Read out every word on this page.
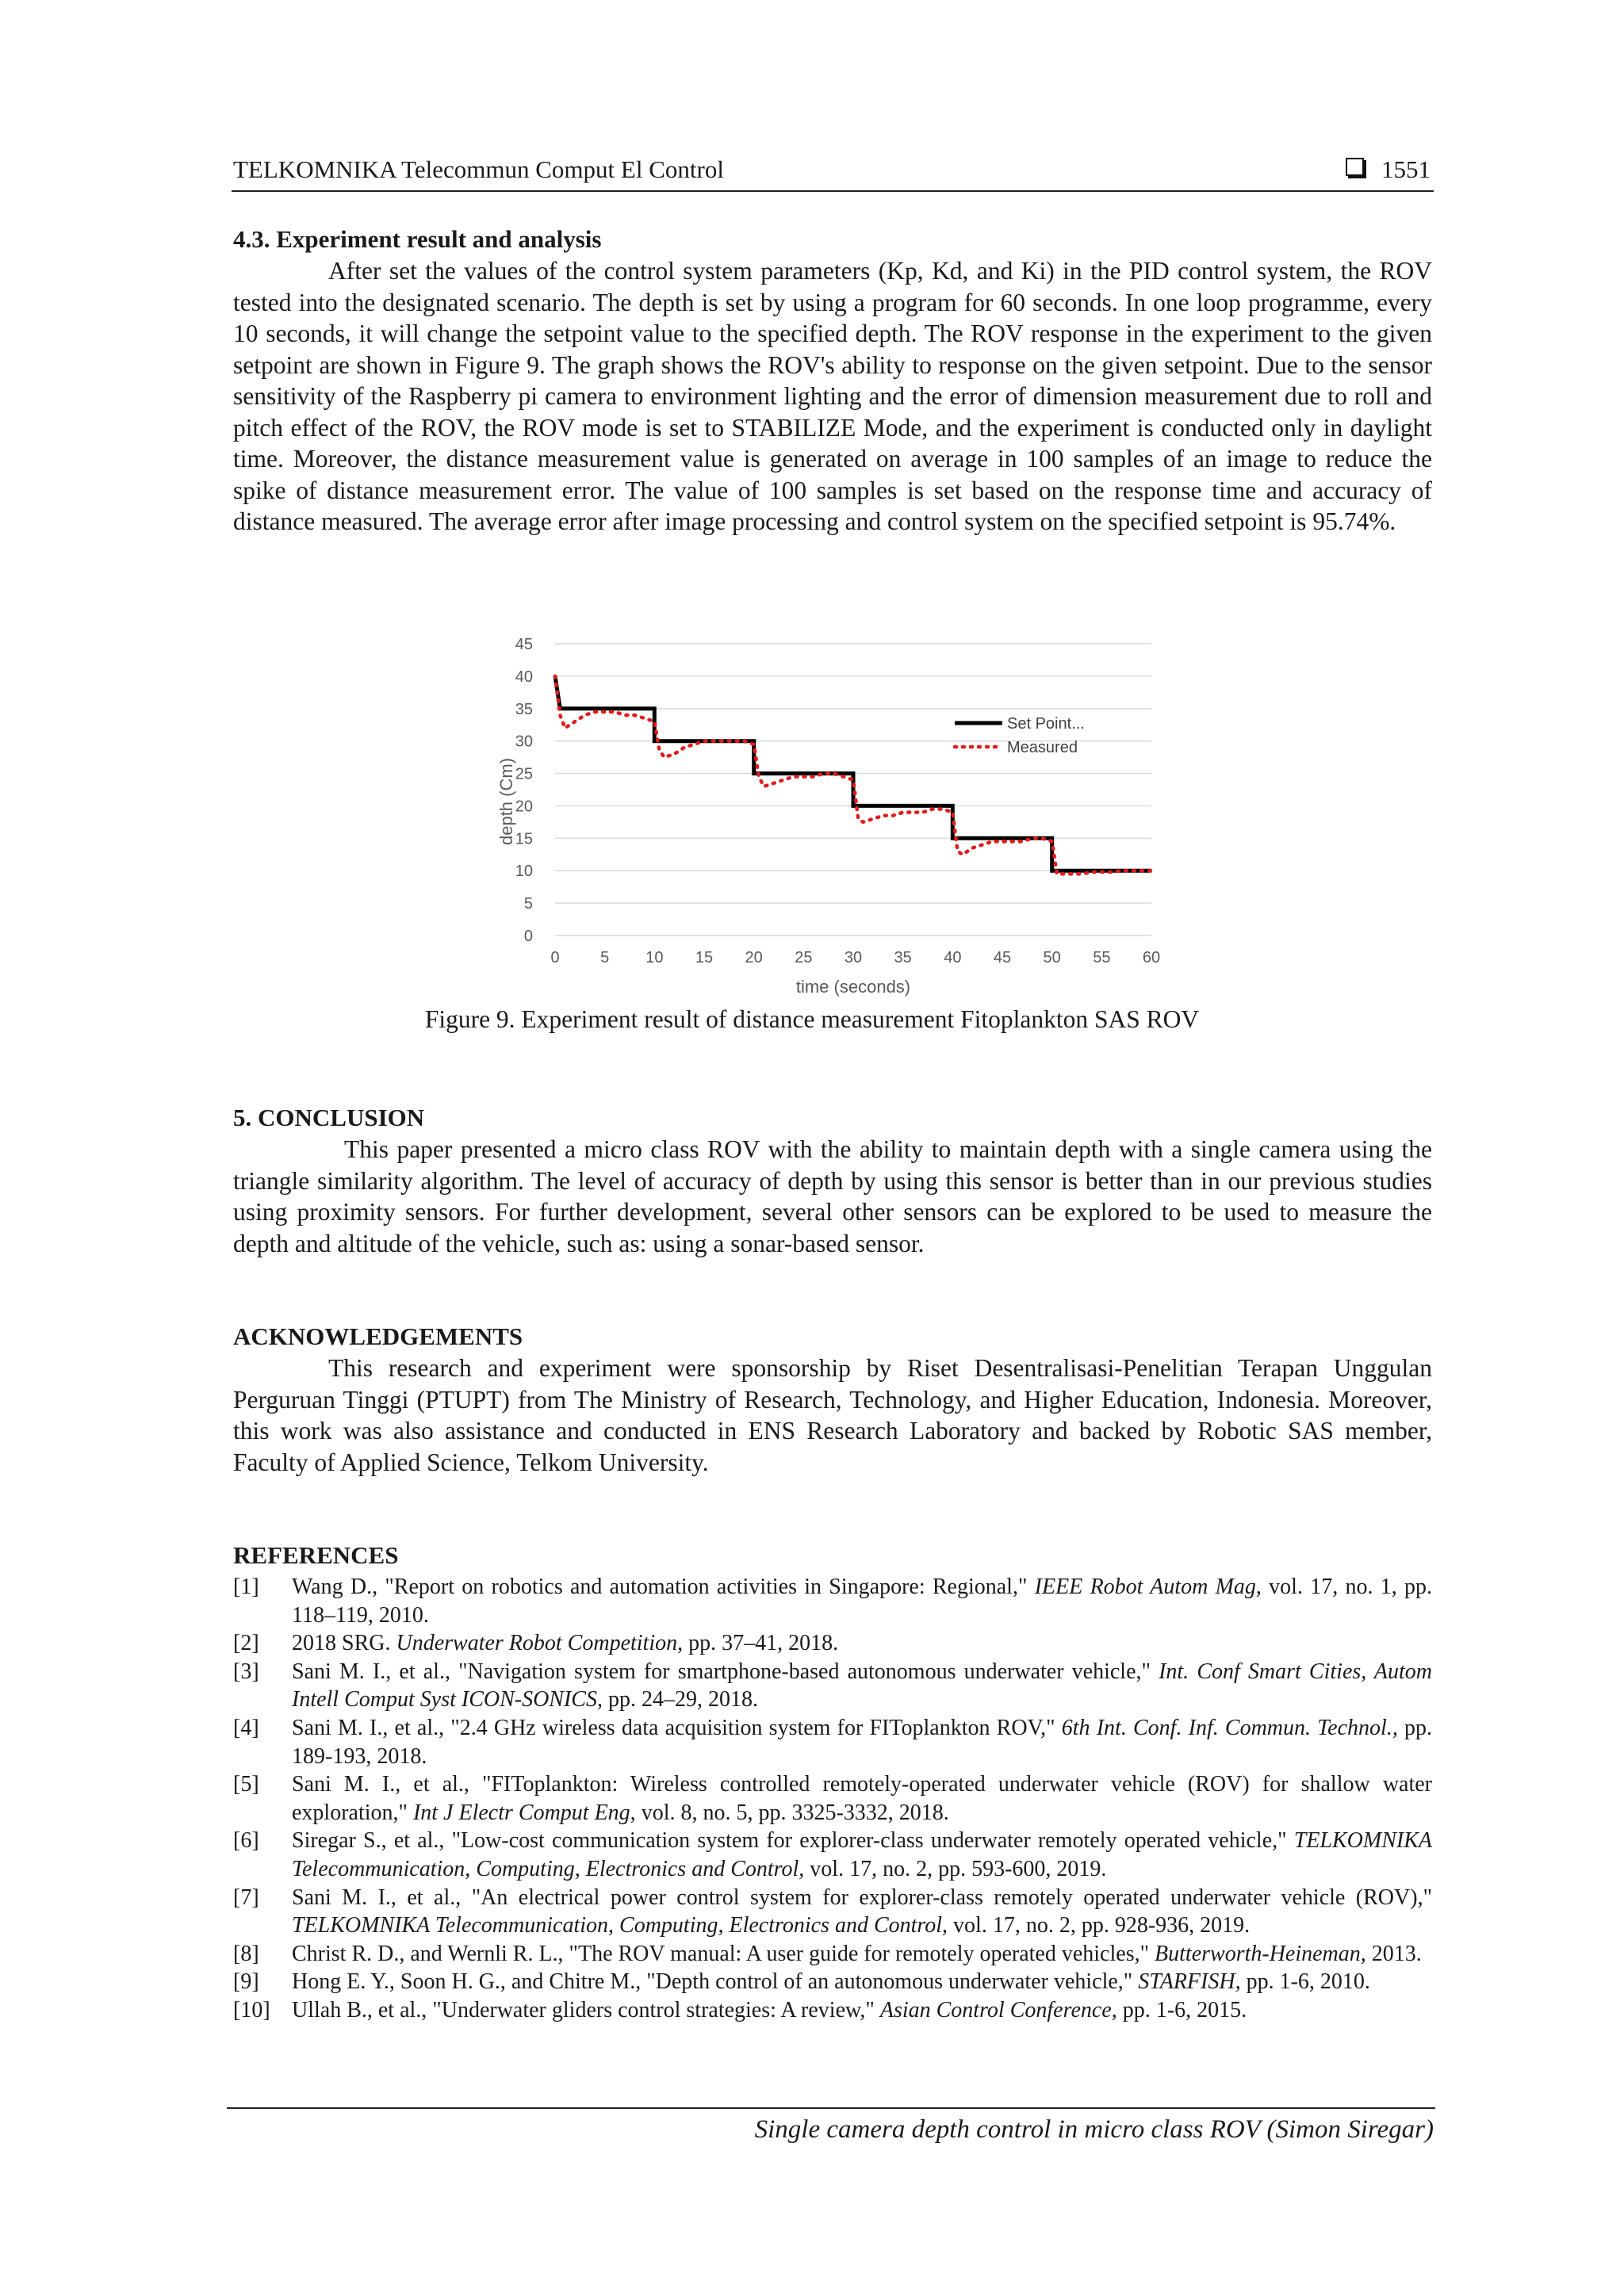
TELKOMNIKA Telecommun Comput El Control	1551
4.3. Experiment result and analysis

After set the values of the control system parameters (Kp, Kd, and Ki) in the PID control system, the ROV tested into the designated scenario. The depth is set by using a program for 60 seconds. In one loop programme, every 10 seconds, it will change the setpoint value to the specified depth. The ROV response in the experiment to the given setpoint are shown in Figure 9. The graph shows the ROV's ability to response on the given setpoint. Due to the sensor sensitivity of the Raspberry pi camera to environment lighting and the error of dimension measurement due to roll and pitch effect of the ROV, the ROV mode is set to STABILIZE Mode, and the experiment is conducted only in daylight time. Moreover, the distance measurement value is generated on average in 100 samples of an image to reduce the spike of distance measurement error. The value of 100 samples is set based on the response time and accuracy of distance measured. The average error after image processing and control system on the specified setpoint is 95.74%.

0
5
10
15
20
25
30
35
40
45
0	5 10 15 20 25 30 35 40 45 50 55 60
time (seconds)
depth (Cm)
Set Point...
Measured
Figure 9. Experiment result of distance measurement Fitoplankton SAS ROV
5. CONCLUSION

This paper presented a micro class ROV with the ability to maintain depth with a single camera using the triangle similarity algorithm. The level of accuracy of depth by using this sensor is better than in our previous studies using proximity sensors. For further development, several other sensors can be explored to be used to measure the depth and altitude of the vehicle, such as: using a sonar-based sensor.

ACKNOWLEDGEMENTS

This research and experiment were sponsorship by Riset Desentralisasi-Penelitian Terapan Unggulan Perguruan Tinggi (PTUPT) from The Ministry of Research, Technology, and Higher Education, Indonesia. Moreover, this work was also assistance and conducted in ENS Research Laboratory and backed by Robotic SAS member, Faculty of Applied Science, Telkom University.

REFERENCES
[1] Wang D., "Report on robotics and automation activities in Singapore: Regional," IEEE Robot Autom Mag, vol. 17, no. 1, pp. 118–119, 2010.
[2] 2018 SRG. Underwater Robot Competition, pp. 37–41, 2018.
[3] Sani M. I., et al., "Navigation system for smartphone-based autonomous underwater vehicle," Int. Conf Smart Cities, Autom Intell Comput Syst ICON-SONICS, pp. 24–29, 2018.
[4] Sani M. I., et al., "2.4 GHz wireless data acquisition system for FIToplankton ROV," 6th Int. Conf. Inf. Commun. Technol., pp. 189-193, 2018.
[5] Sani M. I., et al., "FIToplankton: Wireless controlled remotely-operated underwater vehicle (ROV) for shallow water exploration," Int J Electr Comput Eng, vol. 8, no. 5, pp. 3325-3332, 2018.
[6] Siregar S., et al., "Low-cost communication system for explorer-class underwater remotely operated vehicle," TELKOMNIKA Telecommunication, Computing, Electronics and Control, vol. 17, no. 2, pp. 593-600, 2019.
[7] Sani M. I., et al., "An electrical power control system for explorer-class remotely operated underwater vehicle (ROV)," TELKOMNIKA Telecommunication, Computing, Electronics and Control, vol. 17, no. 2, pp. 928-936, 2019.
[8] Christ R. D., and Wernli R. L., "The ROV manual: A user guide for remotely operated vehicles," Butterworth-Heineman, 2013.
[9] Hong E. Y., Soon H. G., and Chitre M., "Depth control of an autonomous underwater vehicle," STARFISH, pp. 1-6, 2010.
[10] Ullah B., et al., "Underwater gliders control strategies: A review," Asian Control Conference, pp. 1-6, 2015.
Single camera depth control in micro class ROV (Simon Siregar)
